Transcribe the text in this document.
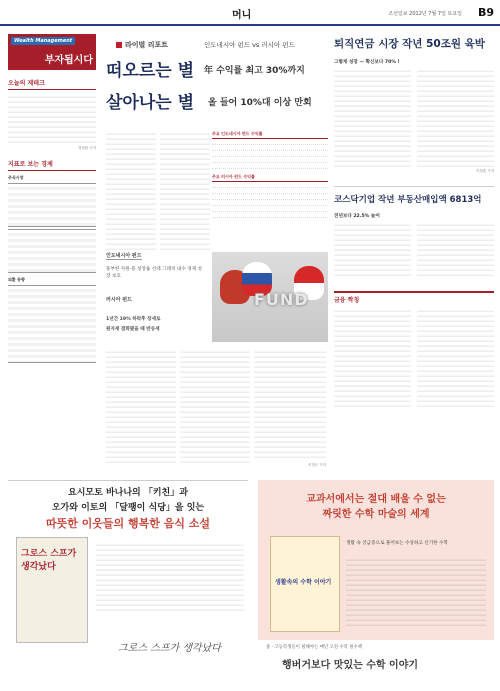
머니	조선일보 2012년 7월 7일 토요일 B9
Wealth Management
부자됩시다
오늘의 재테크
정철환 기자
지표로 보는 경제
주식시장
외환 동향
라이벌 리포트	인도네시아 펀드 vs 러시아 펀드
떠오르는 별 $^{年 수익률 최고 30\%까지}$
살아나는 별 $^{올 들어 10\%대 이상 만회}$
주요 인도네시아 펀드 수익률
주요 러시아 펀드 수익률
인도네시아 펀드
풍부한 자원·풍 성장률 선대 그래픽 내수 경제 성장 보호
러시아 펀드
1년간 19% 하락후 장세로
원자재 결화됐을 때 반등세
FUND
이경은 기자
퇴직연금 시장 작년 50조원 육박
그렇게 성장 — 확신보다 70% !
이성훈 기자
코스닥기업 작년 부동산매입액 6813억
전년보다 22.5% 늘어
금융 짝칭
요시모토 바나나의 「키친」과
오가와 이토의 「달팽이 식당」을 잇는
따뜻한 이웃들의 행복한 음식 소설
그로스 스프가 생각났다
그로스 스프가 생각났다
교과서에서는 절대 배울 수 없는
짜릿한 수학 마술의 세계
생활속의 수학 이야기
생활 속 궁금증으로 풀어보는 수상하고 신기한 수학
중 · 고등학생들이 필해야는 매년 고전 수학 필수책
행버거보다 맛있는 수학 이야기
